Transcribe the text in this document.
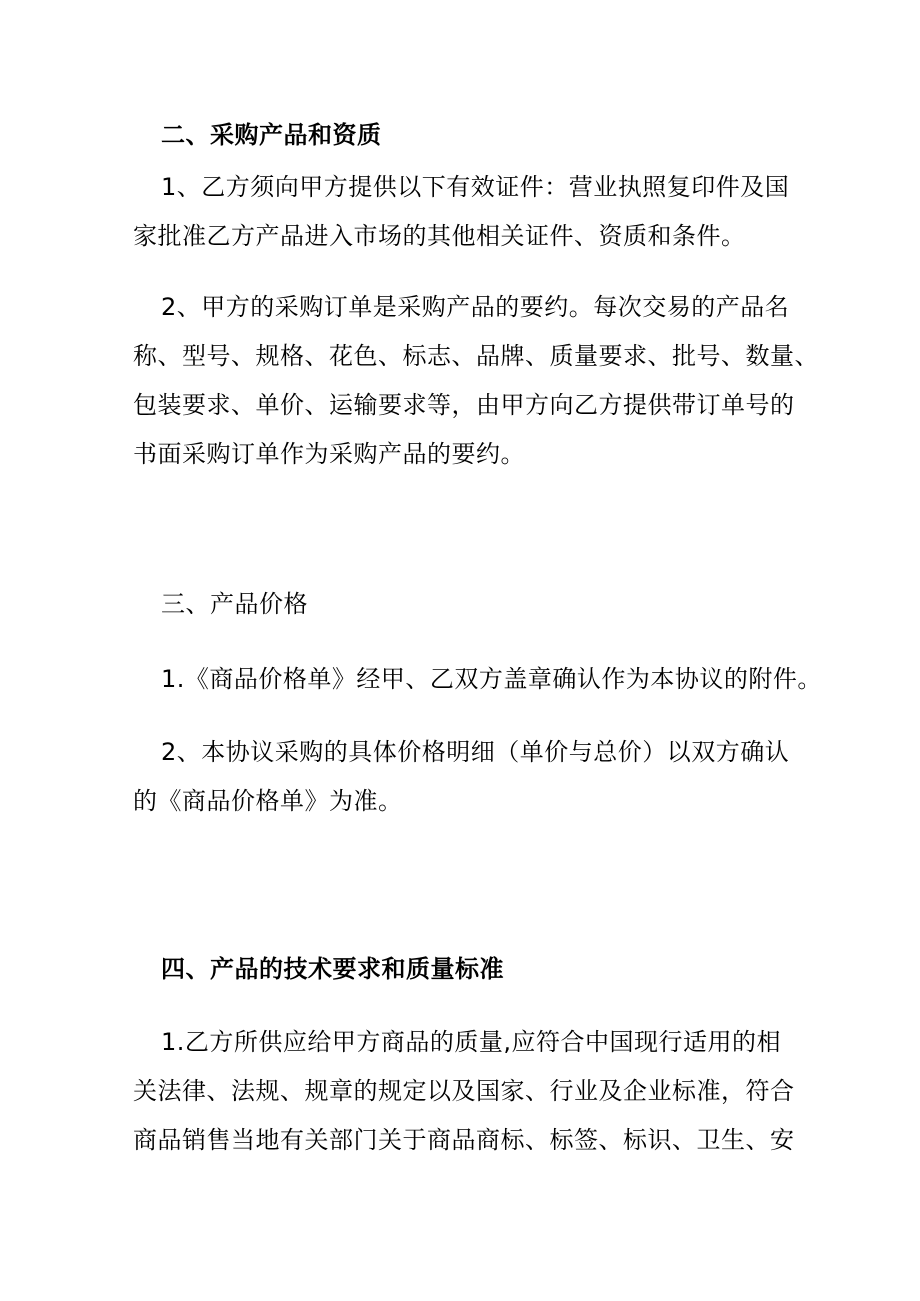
二、采购产品和资质
1、乙方须向甲方提供以下有效证件：营业执照复印件及国
家批准乙方产品进入市场的其他相关证件、资质和条件。
2、甲方的采购订单是采购产品的要约。每次交易的产品名
称、型号、规格、花色、标志、品牌、质量要求、批号、数量、
包装要求、单价、运输要求等，由甲方向乙方提供带订单号的
书面采购订单作为采购产品的要约。
三、产品价格
1.《商品价格单》经甲、乙双方盖章确认作为本协议的附件。
2、本协议采购的具体价格明细（单价与总价）以双方确认
的《商品价格单》为准。
四、产品的技术要求和质量标准
1.乙方所供应给甲方商品的质量,应符合中国现行适用的相
关法律、法规、规章的规定以及国家、行业及企业标准，符合
商品销售当地有关部门关于商品商标、标签、标识、卫生、安
